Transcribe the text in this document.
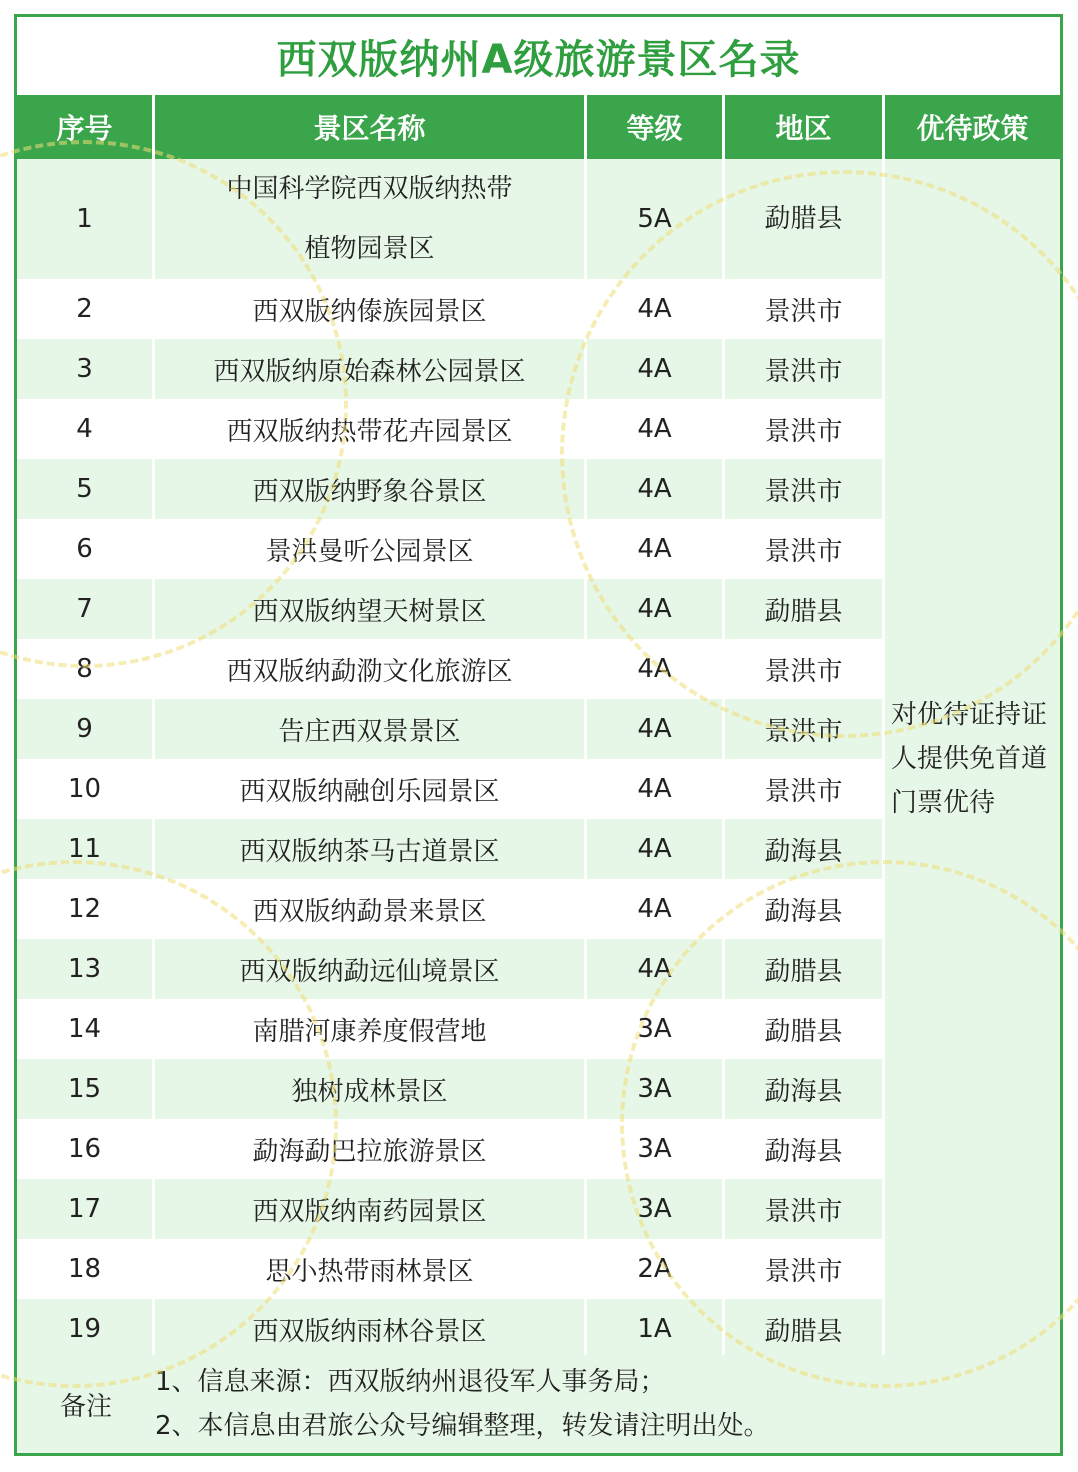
西双版纳州A级旅游景区名录
序号	景区名称	等级	地区	优待政策
1	中国科学院西双版纳热带植物园景区	5A	勐腊县	对优待证持证人提供免首道门票优待
2	西双版纳傣族园景区	4A	景洪市	
3	西双版纳原始森林公园景区	4A	景洪市	
4	西双版纳热带花卉园景区	4A	景洪市	
5	西双版纳野象谷景区	4A	景洪市	
6	景洪曼听公园景区	4A	景洪市	
7	西双版纳望天树景区	4A	勐腊县	
8	西双版纳勐泐文化旅游区	4A	景洪市	
9	告庄西双景景区	4A	景洪市	
10	西双版纳融创乐园景区	4A	景洪市	
11	西双版纳茶马古道景区	4A	勐海县	
12	西双版纳勐景来景区	4A	勐海县	
13	西双版纳勐远仙境景区	4A	勐腊县	
14	南腊河康养度假营地	3A	勐腊县	
15	独树成林景区	3A	勐海县	
16	勐海勐巴拉旅游景区	3A	勐海县	
17	西双版纳南药园景区	3A	景洪市	
18	思小热带雨林景区	2A	景洪市	
19	西双版纳雨林谷景区	1A	勐腊县	
备注
1、信息来源：西双版纳州退役军人事务局；
2、本信息由君旅公众号编辑整理，转发请注明出处。
